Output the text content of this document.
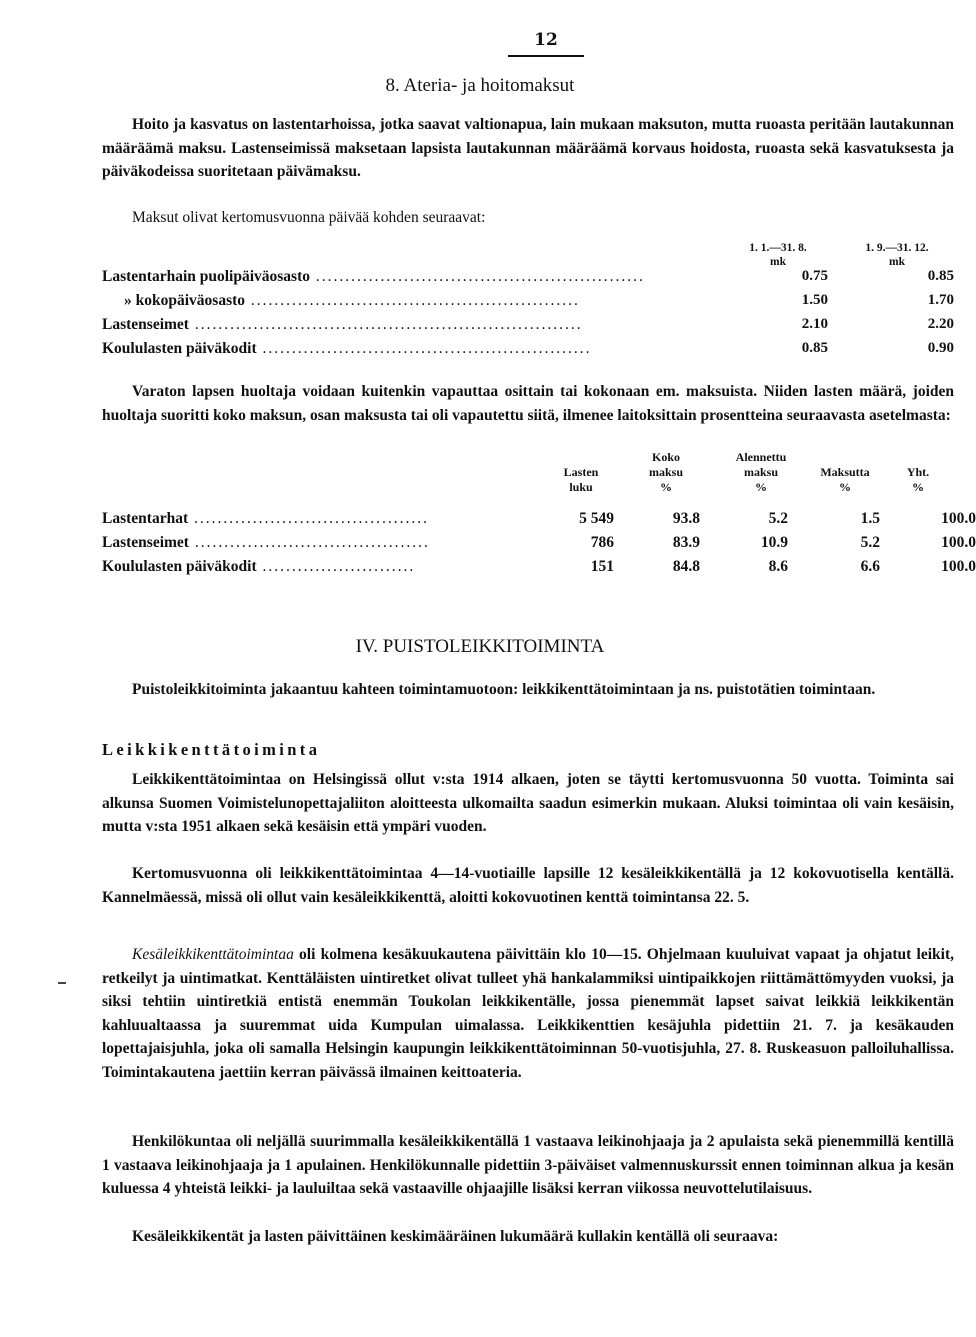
12
8. Ateria- ja hoitomaksut
Hoito ja kasvatus on lastentarhoissa, jotka saavat valtionapua, lain mukaan maksuton, mutta ruoasta peritään lautakunnan määräämä maksu. Lastenseimissä maksetaan lapsista lautakunnan määräämä korvaus hoidosta, ruoasta sekä kasvatuksesta ja päiväkodeissa suoritetaan päivämaksu.
Maksut olivat kertomusvuonna päivää kohden seuraavat:
1. 1.—31. 8.
mk
1. 9.—31. 12.
mk
Lastentarhain puolipäiväosasto ........................................................	0.75	0.85
» kokopäiväosasto ........................................................	1.50	1.70
Lastenseimet ..................................................................	2.10	2.20
Koululasten päiväkodit ........................................................	0.85	0.90
Varaton lapsen huoltaja voidaan kuitenkin vapauttaa osittain tai kokonaan em. maksuista. Niiden lasten määrä, joiden huoltaja suoritti koko maksun, osan maksusta tai oli vapautettu siitä, ilmenee laitoksittain prosentteina seuraavasta asetelmasta:
Lasten
luku
Koko
maksu
%
Alennettu
maksu
%
Maksutta
%
Yht.
%
Lastentarhat ........................................	5 549	93.8	5.2	1.5	100.0
Lastenseimet ........................................	786	83.9	10.9	5.2	100.0
Koululasten päiväkodit ..........................	151	84.8	8.6	6.6	100.0
IV. PUISTOLEIKKITOIMINTA
Puistoleikkitoiminta jakaantuu kahteen toimintamuotoon: leikkikenttätoimintaan ja ns. puistotätien toimintaan.
Leikkikenttätoiminta
Leikkikenttätoimintaa on Helsingissä ollut v:sta 1914 alkaen, joten se täytti kertomusvuonna 50 vuotta. Toiminta sai alkunsa Suomen Voimistelunopettajaliiton aloitteesta ulkomailta saadun esimerkin mukaan. Aluksi toimintaa oli vain kesäisin, mutta v:sta 1951 alkaen sekä kesäisin että ympäri vuoden.
Kertomusvuonna oli leikkikenttätoimintaa 4—14-vuotiaille lapsille 12 kesäleikkikentällä ja 12 kokovuotisella kentällä. Kannelmäessä, missä oli ollut vain kesäleikkikenttä, aloitti kokovuotinen kenttä toimintansa 22. 5.
Kesäleikkikenttätoimintaa oli kolmena kesäkuukautena päivittäin klo 10—15. Ohjelmaan kuuluivat vapaat ja ohjatut leikit, retkeilyt ja uintimatkat. Kenttäläisten uintiretket olivat tulleet yhä hankalammiksi uintipaikkojen riittämättömyyden vuoksi, ja siksi tehtiin uintiretkiä entistä enemmän Toukolan leikkikentälle, jossa pienemmät lapset saivat leikkiä leikkikentän kahluualtaassa ja suuremmat uida Kumpulan uimalassa. Leikkikenttien kesäjuhla pidettiin 21. 7. ja kesäkauden lopettajaisjuhla, joka oli samalla Helsingin kaupungin leikkikenttätoiminnan 50-vuotisjuhla, 27. 8. Ruskeasuon palloiluhallissa. Toimintakautena jaettiin kerran päivässä ilmainen keittoateria.
Henkilökuntaa oli neljällä suurimmalla kesäleikkikentällä 1 vastaava leikinohjaaja ja 2 apulaista sekä pienemmillä kentillä 1 vastaava leikinohjaaja ja 1 apulainen. Henkilökunnalle pidettiin 3-päiväiset valmennuskurssit ennen toiminnan alkua ja kesän kuluessa 4 yhteistä leikki- ja lauluiltaa sekä vastaaville ohjaajille lisäksi kerran viikossa neuvottelutilaisuus.
Kesäleikkikentät ja lasten päivittäinen keskimääräinen lukumäärä kullakin kentällä oli seuraava:
